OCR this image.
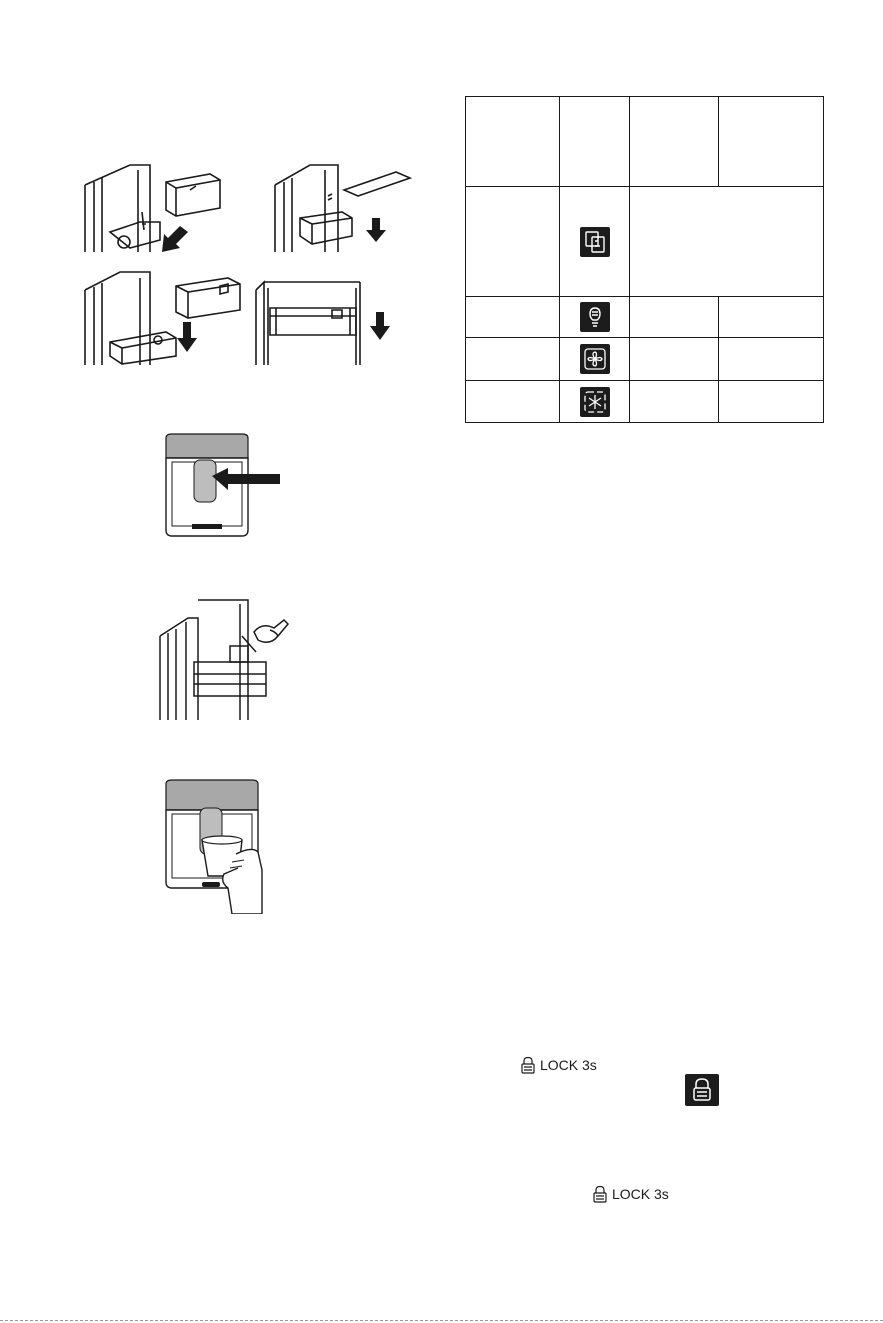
LOCK 3s
LOCK 3s
